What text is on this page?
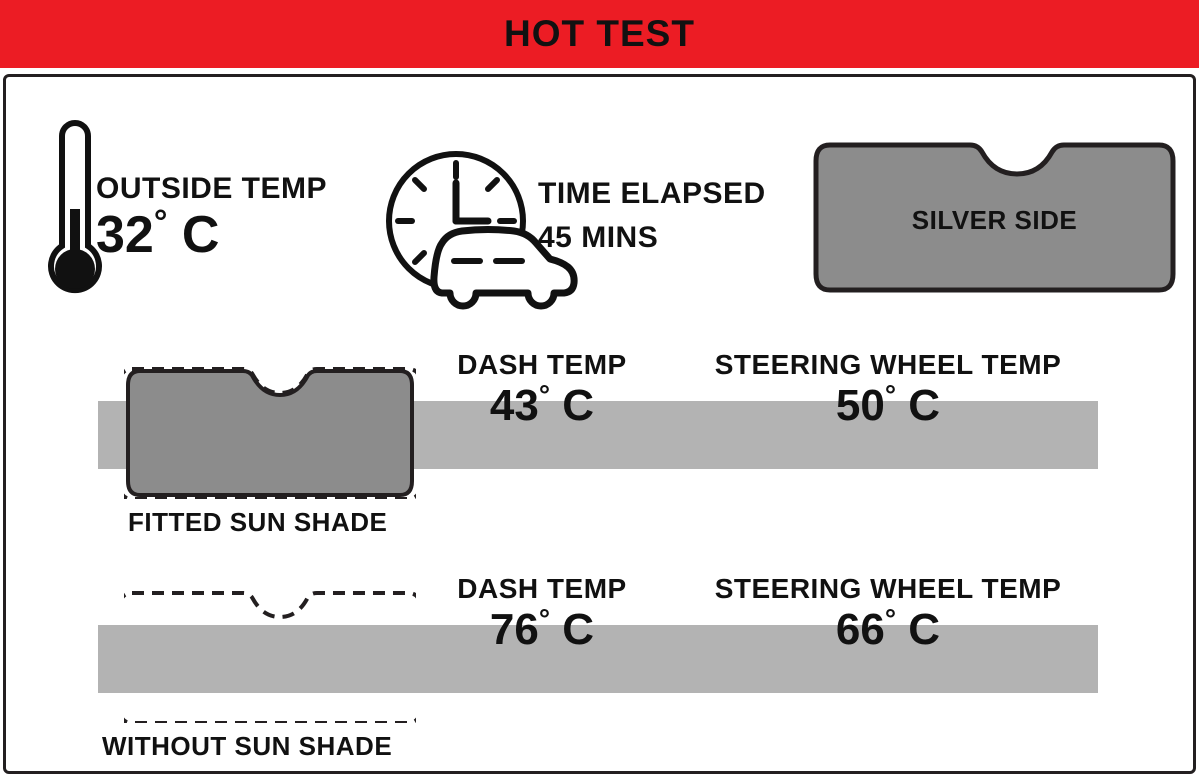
HOT TEST
OUTSIDE TEMP
32° C
TIME ELAPSED
45 MINS
SILVER SIDE
FITTED SUN SHADE
DASH TEMP
43° C
STEERING WHEEL TEMP
50° C
WITHOUT SUN SHADE
DASH TEMP
76° C
STEERING WHEEL TEMP
66° C
